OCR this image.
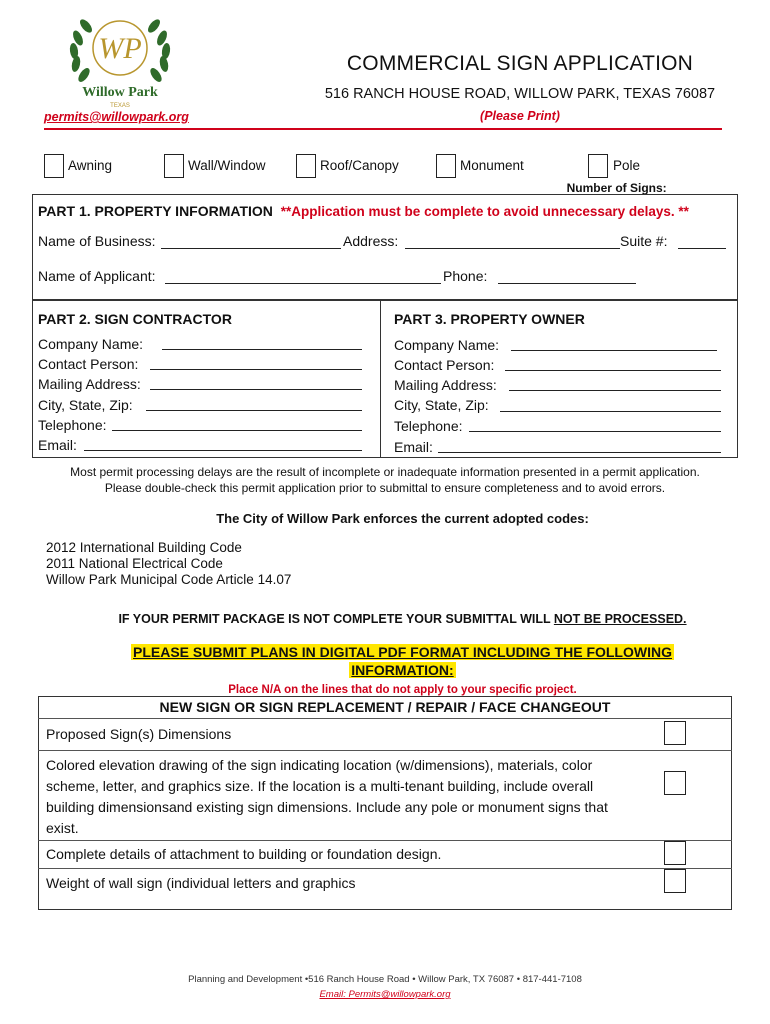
WP
Willow Park
TEXAS
COMMERCIAL SIGN APPLICATION
516 RANCH HOUSE ROAD, WILLOW PARK, TEXAS 76087
permits@willowpark.org	(Please Print)
Awning	Wall/Window	Roof/Canopy	Monument	Pole
Number of Signs:
PART 1. PROPERTY INFORMATION **Application must be complete to avoid unnecessary delays. **
Name of Business:	Address:	Suite #:
Name of Applicant:	Phone:
PART 2. SIGN CONTRACTOR
Company Name:
Contact Person:
Mailing Address:
City, State, Zip:
Telephone:
Email:
PART 3. PROPERTY OWNER
Company Name:
Contact Person:
Mailing Address:
City, State, Zip:
Telephone:
Email:
Most permit processing delays are the result of incomplete or inadequate information presented in a permit application.
Please double-check this permit application prior to submittal to ensure completeness and to avoid errors.
The City of Willow Park enforces the current adopted codes:
2012 International Building Code
2011 National Electrical Code
Willow Park Municipal Code Article 14.07
IF YOUR PERMIT PACKAGE IS NOT COMPLETE YOUR SUBMITTAL WILL NOT BE PROCESSED.
PLEASE SUBMIT PLANS IN DIGITAL PDF FORMAT INCLUDING THE FOLLOWING
INFORMATION:
Place N/A on the lines that do not apply to your specific project.
NEW SIGN OR SIGN REPLACEMENT / REPAIR / FACE CHANGEOUT
Proposed Sign(s) Dimensions
Colored elevation drawing of the sign indicating location (w/dimensions), materials, color scheme, letter, and graphics size. If the location is a multi-tenant building, include overall building dimensionsand existing sign dimensions. Include any pole or monument signs that exist.
Complete details of attachment to building or foundation design.
Weight of wall sign (individual letters and graphics
Planning and Development •516 Ranch House Road • Willow Park, TX 76087 • 817-441-7108
Email: Permits@willowpark.org
